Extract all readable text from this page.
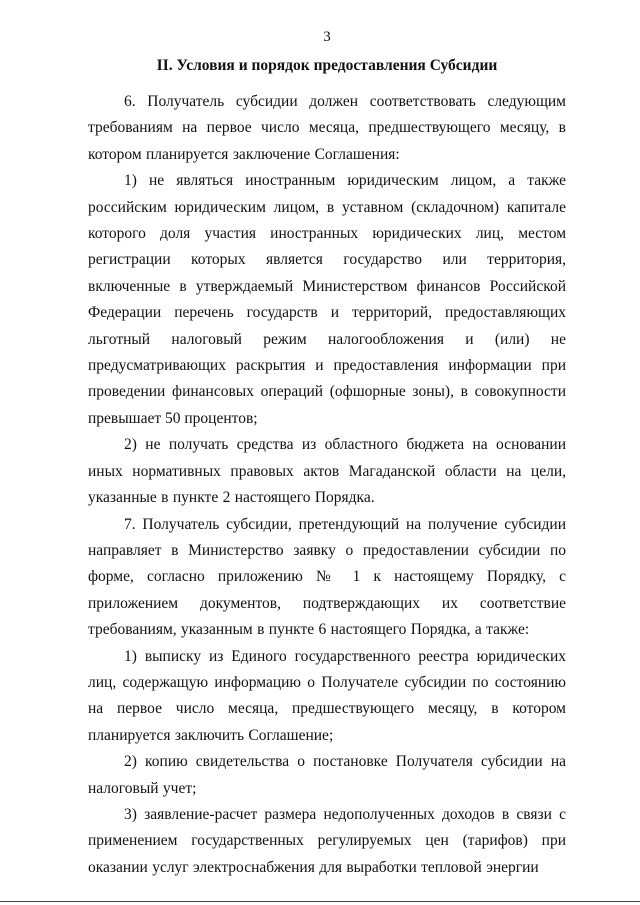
3
II. Условия и порядок предоставления Субсидии

6. Получатель субсидии должен соответствовать следующим требованиям на первое число месяца, предшествующего месяцу, в котором планируется заключение Соглашения:

1) не являться иностранным юридическим лицом, а также российским юридическим лицом, в уставном (складочном) капитале которого доля участия иностранных юридических лиц, местом регистрации которых является государство или территория, включенные в утверждаемый Министерством финансов Российской Федерации перечень государств и территорий, предоставляющих льготный налоговый режим налогообложения и (или) не предусматривающих раскрытия и предоставления информации при проведении финансовых операций (офшорные зоны), в совокупности превышает 50 процентов;

2) не получать средства из областного бюджета на основании иных нормативных правовых актов Магаданской области на цели, указанные в пункте 2 настоящего Порядка.

7. Получатель субсидии, претендующий на получение субсидии направляет в Министерство заявку о предоставлении субсидии по форме, согласно приложению № 1 к настоящему Порядку, с приложением документов, подтверждающих их соответствие требованиям, указанным в пункте 6 настоящего Порядка, а также:

1) выписку из Единого государственного реестра юридических лиц, содержащую информацию о Получателе субсидии по состоянию на первое число месяца, предшествующего месяцу, в котором планируется заключить Соглашение;

2) копию свидетельства о постановке Получателя субсидии на налоговый учет;

3) заявление-расчет размера недополученных доходов в связи с применением государственных регулируемых цен (тарифов) при оказании услуг электроснабжения для выработки тепловой энергии
